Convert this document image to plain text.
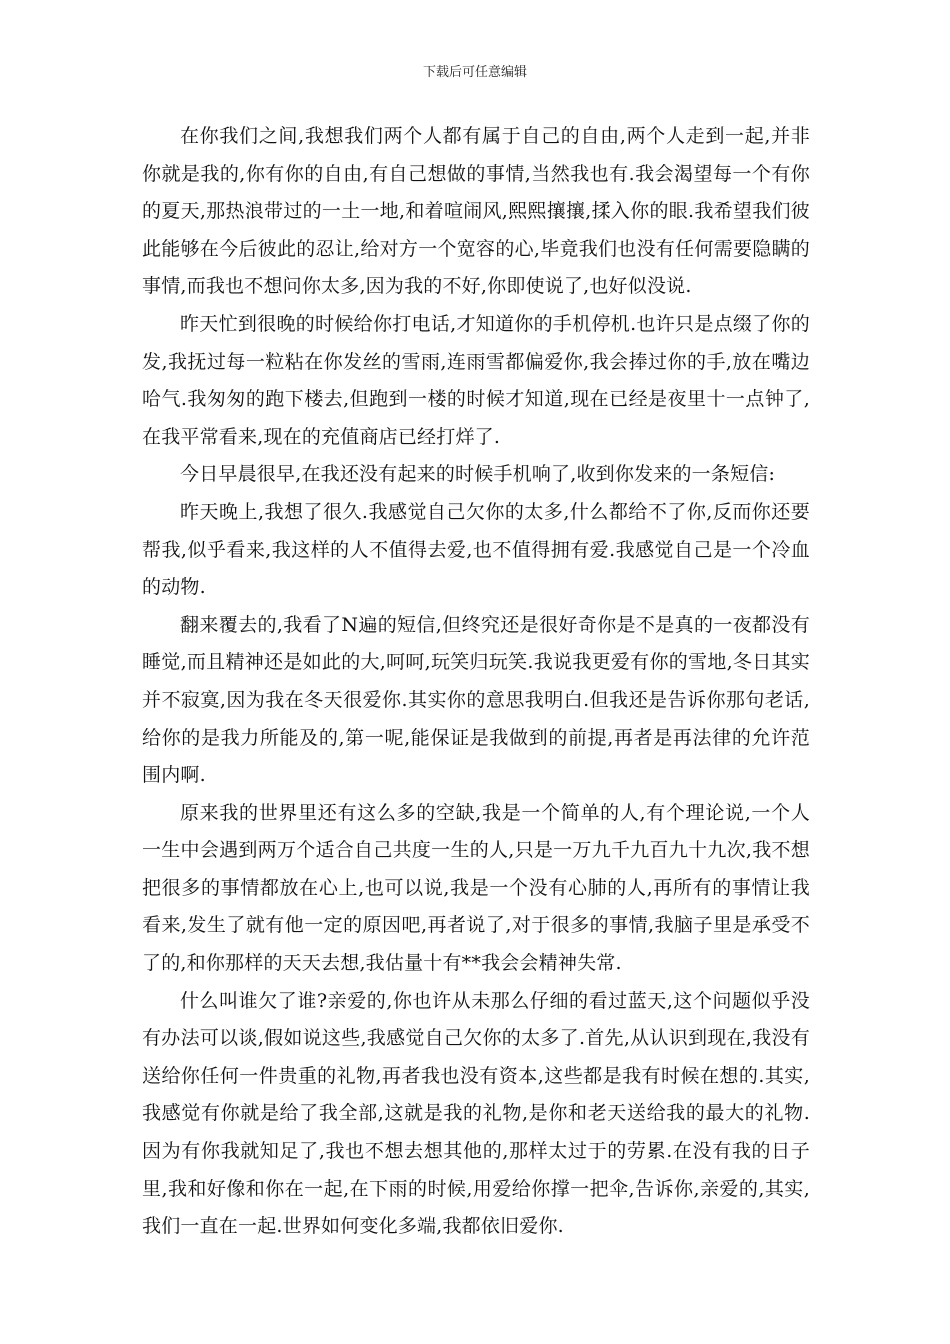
下载后可任意编辑

在你我们之间,我想我们两个人都有属于自己的自由,两个人走到一起,并非你就是我的,你有你的自由,有自己想做的事情,当然我也有.我会渴望每一个有你的夏天,那热浪带过的一土一地,和着喧闹风,熙熙攘攘,揉入你的眼.我希望我们彼此能够在今后彼此的忍让,给对方一个宽容的心,毕竟我们也没有任何需要隐瞒的事情,而我也不想问你太多,因为我的不好,你即使说了,也好似没说.

昨天忙到很晚的时候给你打电话,才知道你的手机停机.也许只是点缀了你的发,我抚过每一粒粘在你发丝的雪雨,连雨雪都偏爱你,我会捧过你的手,放在嘴边哈气.我匆匆的跑下楼去,但跑到一楼的时候才知道,现在已经是夜里十一点钟了,在我平常看来,现在的充值商店已经打烊了.

今日早晨很早,在我还没有起来的时候手机响了,收到你发来的一条短信:

昨天晚上,我想了很久.我感觉自己欠你的太多,什么都给不了你,反而你还要帮我,似乎看来,我这样的人不值得去爱,也不值得拥有爱.我感觉自己是一个冷血的动物.

翻来覆去的,我看了N遍的短信,但终究还是很好奇你是不是真的一夜都没有睡觉,而且精神还是如此的大,呵呵,玩笑归玩笑.我说我更爱有你的雪地,冬日其实并不寂寞,因为我在冬天很爱你.其实你的意思我明白.但我还是告诉你那句老话,给你的是我力所能及的,第一呢,能保证是我做到的前提,再者是再法律的允许范围内啊.

原来我的世界里还有这么多的空缺,我是一个简单的人,有个理论说,一个人一生中会遇到两万个适合自己共度一生的人,只是一万九千九百九十九次,我不想把很多的事情都放在心上,也可以说,我是一个没有心肺的人,再所有的事情让我看来,发生了就有他一定的原因吧,再者说了,对于很多的事情,我脑子里是承受不了的,和你那样的天天去想,我估量十有**我会会精神失常.

什么叫谁欠了谁?亲爱的,你也许从未那么仔细的看过蓝天,这个问题似乎没有办法可以谈,假如说这些,我感觉自己欠你的太多了.首先,从认识到现在,我没有送给你任何一件贵重的礼物,再者我也没有资本,这些都是我有时候在想的.其实,我感觉有你就是给了我全部,这就是我的礼物,是你和老天送给我的最大的礼物.因为有你我就知足了,我也不想去想其他的,那样太过于的劳累.在没有我的日子里,我和好像和你在一起,在下雨的时候,用爱给你撑一把伞,告诉你,亲爱的,其实,我们一直在一起.世界如何变化多端,我都依旧爱你.
